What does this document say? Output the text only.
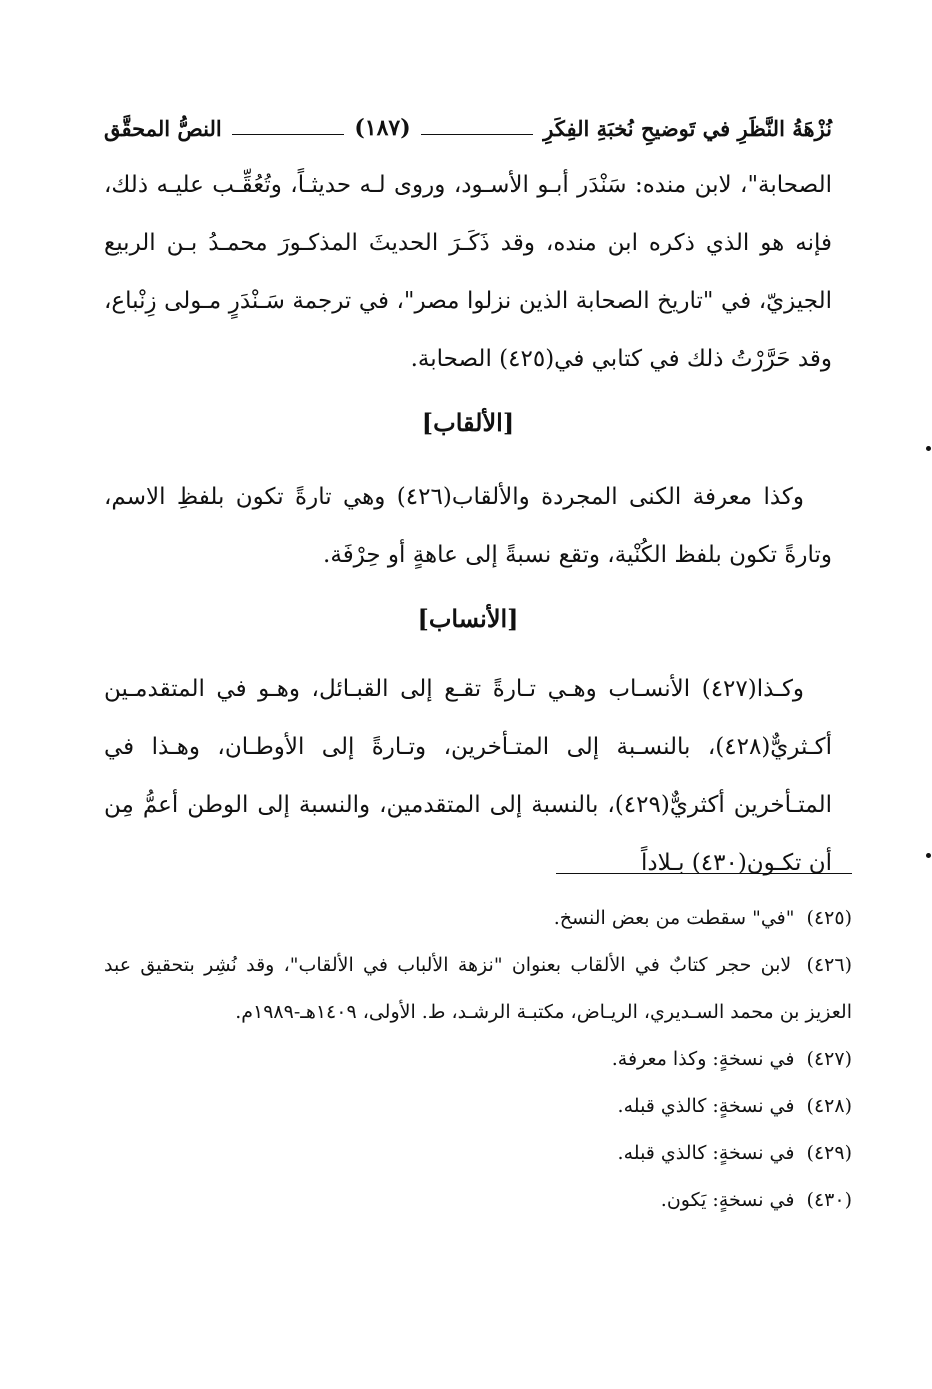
نُزْهَةُ النَّظَرِ في تَوضيحِ نُخبَةِ الفِكَرِ
(١٨٧)
النصُّ المحقَّق

الصحابة"، لابن منده: سَنْدَر أبـو الأسـود، وروى لـه حديثـاً، وتُعُقِّـب عليـه ذلك، فإنه هو الذي ذكره ابن منده، وقد ذَكَـرَ الحديثَ المذكـورَ محمـدُ بـن الربيع الجيزيّ، في "تاريخ الصحابة الذين نزلوا مصر"، في ترجمة سَـنْدَرٍ مـولى زِنْباع، وقد حَرَّرْتُ ذلك في كتابي في(٤٢٥) الصحابة.

[الألقاب]

وكذا معرفة الكنى المجردة والألقاب(٤٢٦) وهي تارةً تكون بلفظِ الاسم، وتارةً تكون بلفظ الكُنْية، وتقع نسبةً إلى عاهةٍ أو حِرْفَة.

[الأنساب]

وكـذا(٤٢٧) الأنسـاب وهـي تـارةً تقـع إلى القبـائل، وهـو في المتقدمـين أكـثريٌّ(٤٢٨)، بالنسـبة إلى المتـأخرين، وتـارةً إلى الأوطـان، وهـذا في المتـأخرين أكثريٌّ(٤٢٩)، بالنسبة إلى المتقدمين، والنسبة إلى الوطن أعمُّ مِن أن تكـون(٤٣٠) بـلاداً

(٤٢٥) "في" سقطت من بعض النسخ.

(٤٢٦) لابن حجر كتابٌ في الألقاب بعنوان "نزهة الألباب في الألقاب"، وقد نُشِر بتحقيق عبد العزيز بن محمد السـديري، الريـاض، مكتبـة الرشـد، ط. الأولى، ١٤٠٩هـ-١٩٨٩م.

(٤٢٧) في نسخةٍ: وكذا معرفة.

(٤٢٨) في نسخةٍ: كالذي قبله.

(٤٢٩) في نسخةٍ: كالذي قبله.

(٤٣٠) في نسخةٍ: يَكون.
